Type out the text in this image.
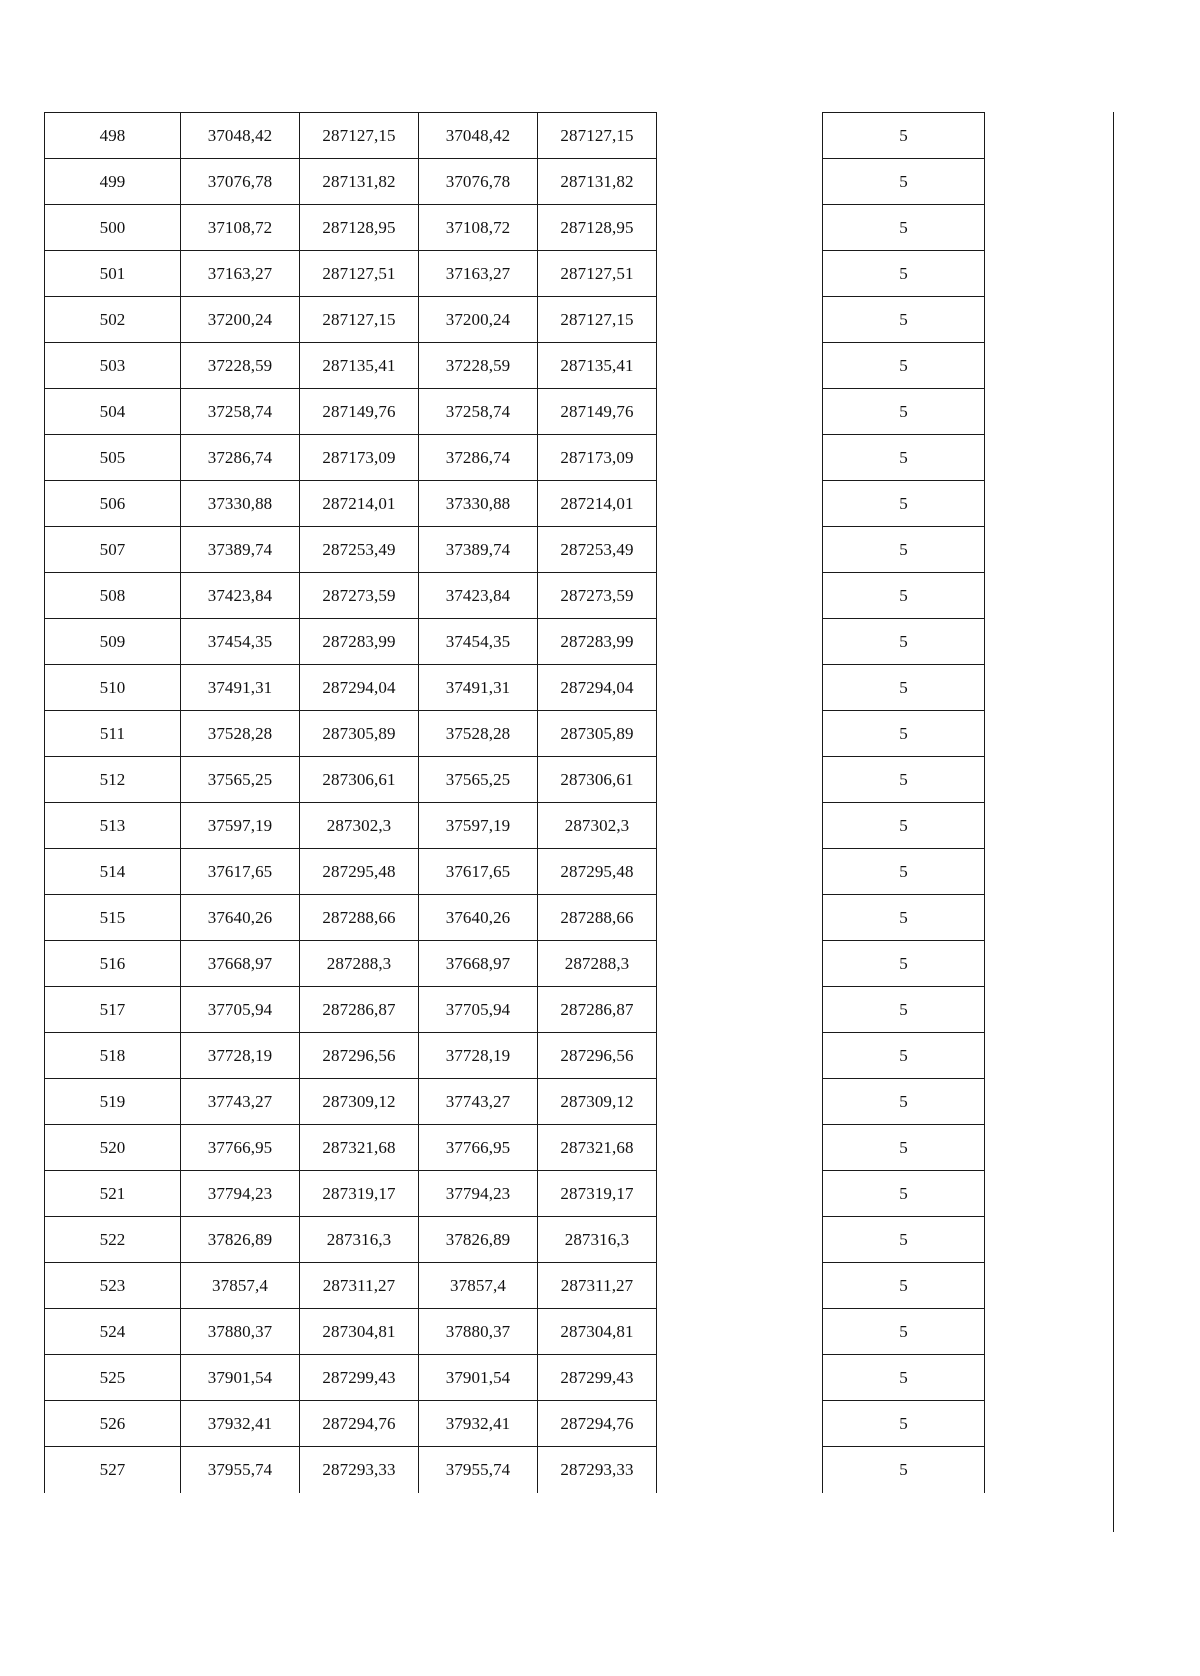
498	37048,42	287127,15	37048,42	287127,15		5
499	37076,78	287131,82	37076,78	287131,82		5
500	37108,72	287128,95	37108,72	287128,95		5
501	37163,27	287127,51	37163,27	287127,51		5
502	37200,24	287127,15	37200,24	287127,15		5
503	37228,59	287135,41	37228,59	287135,41		5
504	37258,74	287149,76	37258,74	287149,76		5
505	37286,74	287173,09	37286,74	287173,09		5
506	37330,88	287214,01	37330,88	287214,01		5
507	37389,74	287253,49	37389,74	287253,49		5
508	37423,84	287273,59	37423,84	287273,59		5
509	37454,35	287283,99	37454,35	287283,99		5
510	37491,31	287294,04	37491,31	287294,04		5
511	37528,28	287305,89	37528,28	287305,89		5
512	37565,25	287306,61	37565,25	287306,61		5
513	37597,19	287302,3	37597,19	287302,3		5
514	37617,65	287295,48	37617,65	287295,48		5
515	37640,26	287288,66	37640,26	287288,66		5
516	37668,97	287288,3	37668,97	287288,3		5
517	37705,94	287286,87	37705,94	287286,87		5
518	37728,19	287296,56	37728,19	287296,56		5
519	37743,27	287309,12	37743,27	287309,12		5
520	37766,95	287321,68	37766,95	287321,68		5
521	37794,23	287319,17	37794,23	287319,17		5
522	37826,89	287316,3	37826,89	287316,3		5
523	37857,4	287311,27	37857,4	287311,27		5
524	37880,37	287304,81	37880,37	287304,81		5
525	37901,54	287299,43	37901,54	287299,43		5
526	37932,41	287294,76	37932,41	287294,76		5
527	37955,74	287293,33	37955,74	287293,33		5
